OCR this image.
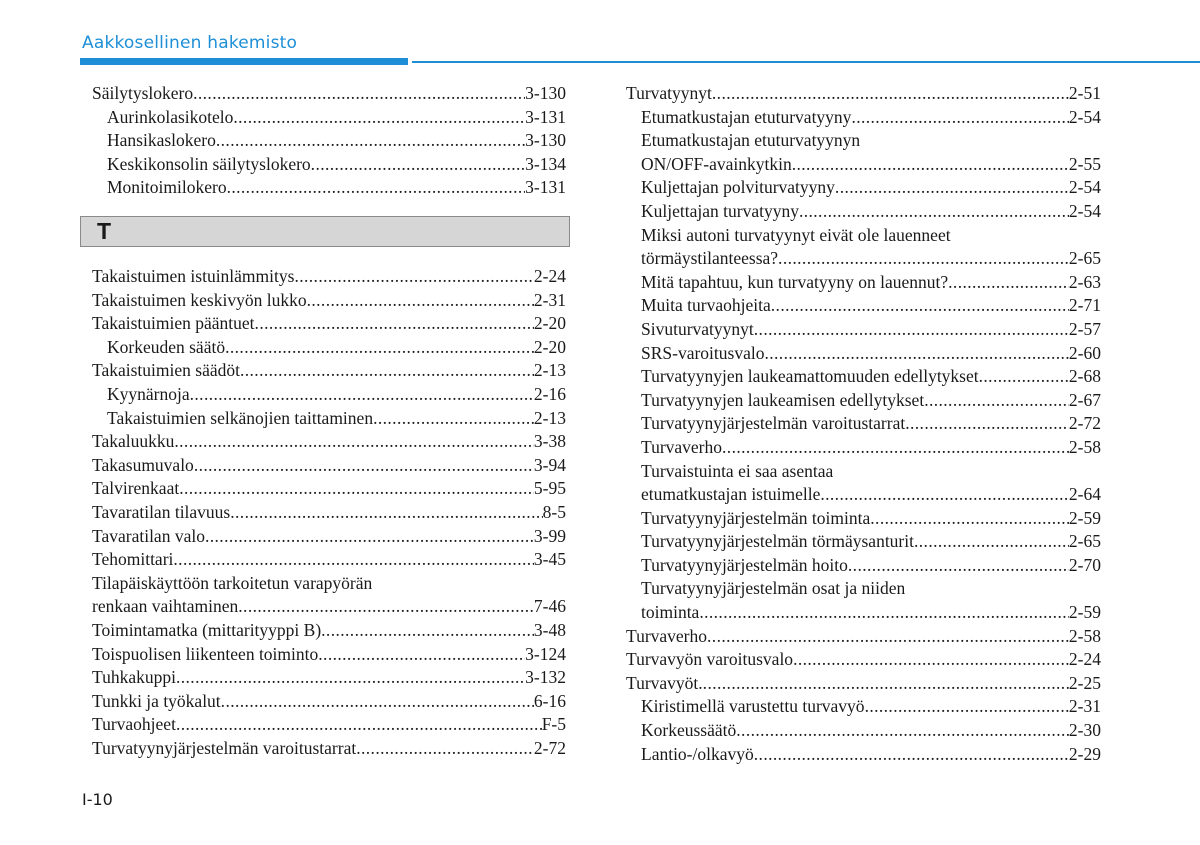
Aakkosellinen hakemisto
Säilytyslokero .....	3-130
Aurinkolasikotelo .....	3-131
Hansikaslokero .....	3-130
Keskikonsolin säilytyslokero .....	3-134
Monitoimilokero .....	3-131
T
Takaistuimen istuinlämmitys .....	2-24
Takaistuimen keskivyön lukko .....	2-31
Takaistuimien pääntuet .....	2-20
Korkeuden säätö .....	2-20
Takaistuimien säädöt .....	2-13
Kyynärnoja .....	2-16
Takaistuimien selkänojien taittaminen .....	2-13
Takaluukku .....	3-38
Takasumuvalo .....	3-94
Talvirenkaat .....	5-95
Tavaratilan tilavuus .....	8-5
Tavaratilan valo .....	3-99
Tehomittari .....	3-45
Tilapäiskäyttöön tarkoitetun varapyörän
renkaan vaihtaminen .....	7-46
Toimintamatka (mittarityyppi B) .....	3-48
Toispuolisen liikenteen toiminto .....	3-124
Tuhkakuppi .....	3-132
Tunkki ja työkalut .....	6-16
Turvaohjeet .....	F-5
Turvatyynyjärjestelmän varoitustarrat .....	2-72
Turvatyynyt .....	2-51
Etumatkustajan etuturvatyyny .....	2-54
Etumatkustajan etuturvatyynyn
ON/OFF-avainkytkin .....	2-55
Kuljettajan polviturvatyyny .....	2-54
Kuljettajan turvatyyny .....	2-54
Miksi autoni turvatyynyt eivät ole lauenneet
törmäystilanteessa? .....	2-65
Mitä tapahtuu, kun turvatyyny on lauennut? .....	2-63
Muita turvaohjeita .....	2-71
Sivuturvatyynyt .....	2-57
SRS-varoitusvalo .....	2-60
Turvatyynyjen laukeamattomuuden edellytykset .....	2-68
Turvatyynyjen laukeamisen edellytykset .....	2-67
Turvatyynyjärjestelmän varoitustarrat .....	2-72
Turvaverho .....	2-58
Turvaistuinta ei saa asentaa
etumatkustajan istuimelle .....	2-64
Turvatyynyjärjestelmän toiminta .....	2-59
Turvatyynyjärjestelmän törmäysanturit .....	2-65
Turvatyynyjärjestelmän hoito .....	2-70
Turvatyynyjärjestelmän osat ja niiden
toiminta .....	2-59
Turvaverho .....	2-58
Turvavyön varoitusvalo .....	2-24
Turvavyöt. .....	2-25
Kiristimellä varustettu turvavyö .....	2-31
Korkeussäätö .....	2-30
Lantio-/olkavyö .....	2-29
I-10
